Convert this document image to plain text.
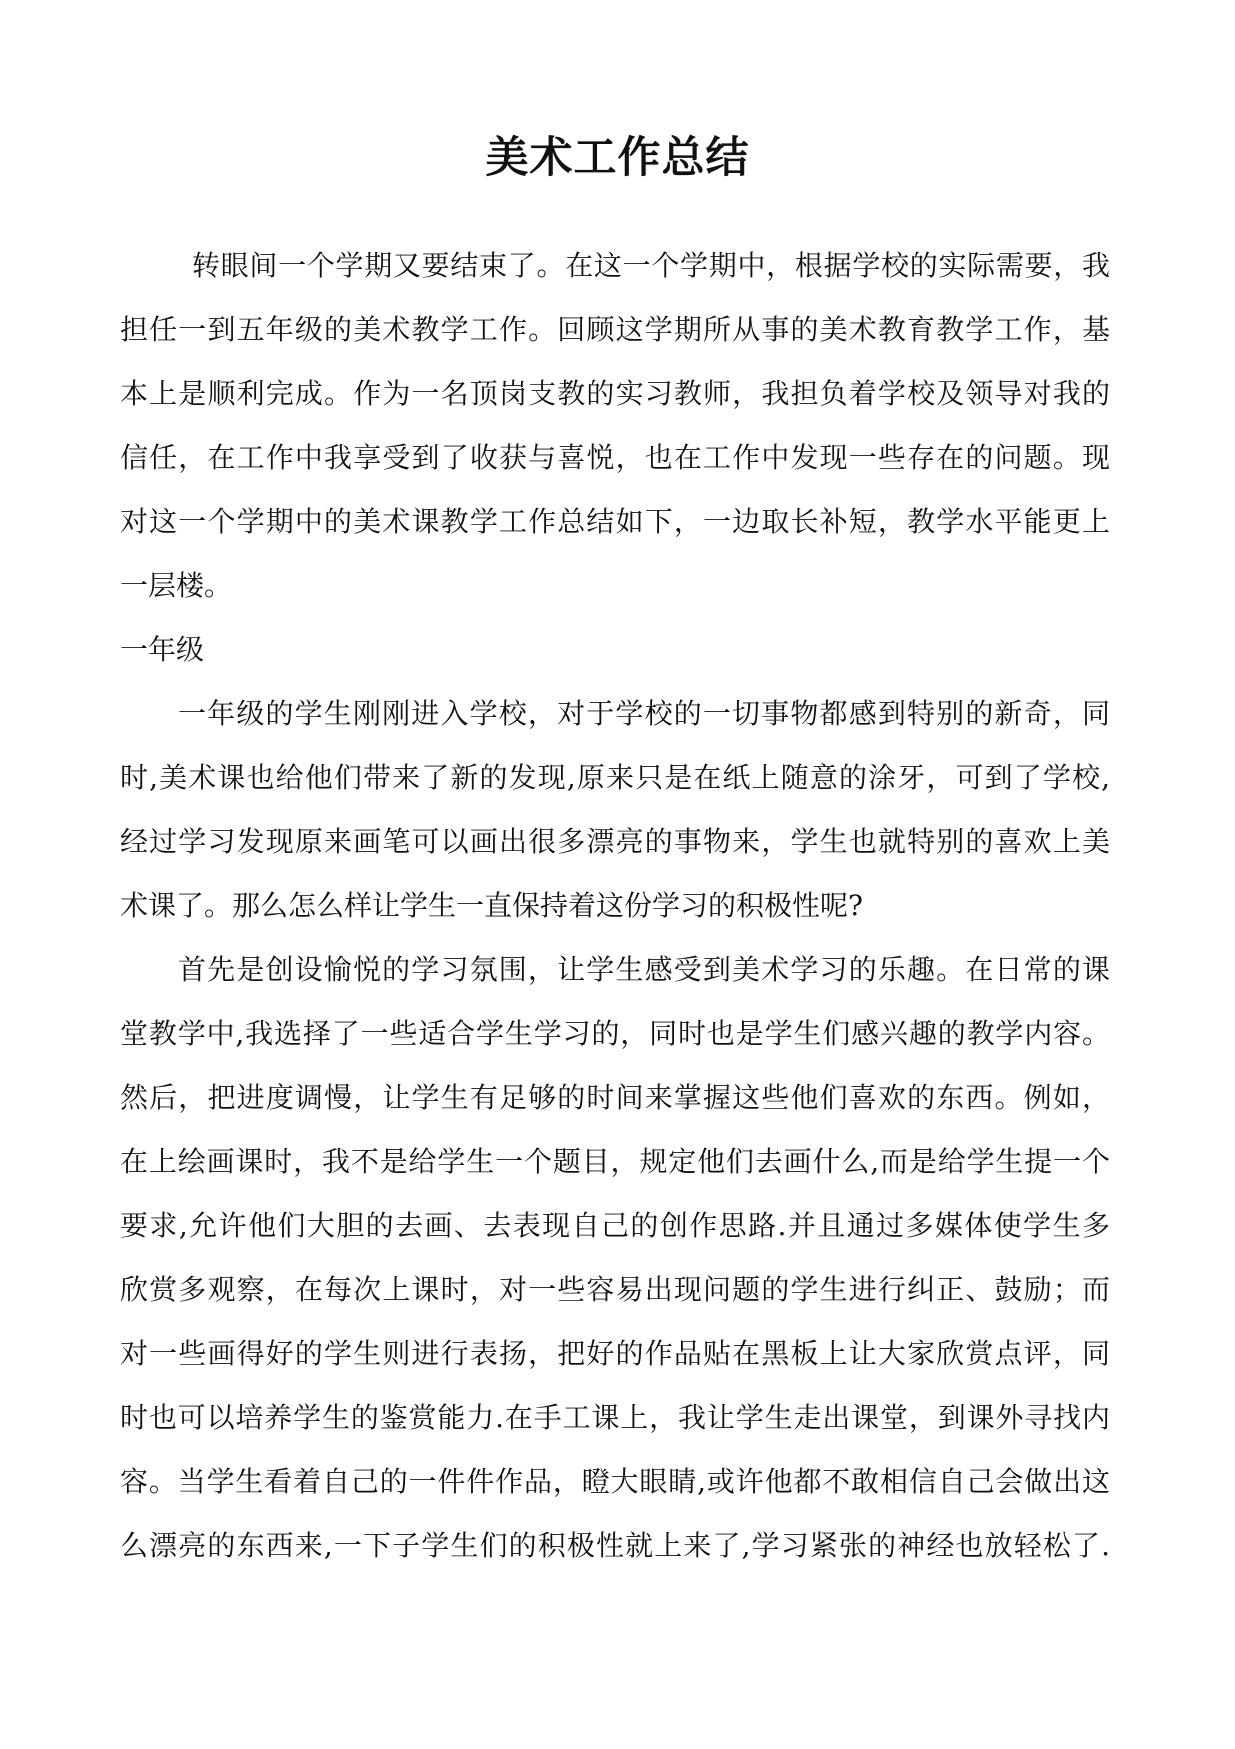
美术工作总结
转眼间一个学期又要结束了。在这一个学期中，根据学校的实际需要，我
担任一到五年级的美术教学工作。回顾这学期所从事的美术教育教学工作，基
本上是顺利完成。作为一名顶岗支教的实习教师，我担负着学校及领导对我的
信任，在工作中我享受到了收获与喜悦，也在工作中发现一些存在的问题。现
对这一个学期中的美术课教学工作总结如下，一边取长补短，教学水平能更上
一层楼。
一年级
一年级的学生刚刚进入学校，对于学校的一切事物都感到特别的新奇，同
时,美术课也给他们带来了新的发现,原来只是在纸上随意的涂牙，可到了学校,
经过学习发现原来画笔可以画出很多漂亮的事物来，学生也就特别的喜欢上美
术课了。那么怎么样让学生一直保持着这份学习的积极性呢?
首先是创设愉悦的学习氛围，让学生感受到美术学习的乐趣。在日常的课
堂教学中,我选择了一些适合学生学习的，同时也是学生们感兴趣的教学内容。
然后，把进度调慢，让学生有足够的时间来掌握这些他们喜欢的东西。例如，
在上绘画课时，我不是给学生一个题目，规定他们去画什么,而是给学生提一个
要求,允许他们大胆的去画、去表现自己的创作思路.并且通过多媒体使学生多
欣赏多观察，在每次上课时，对一些容易出现问题的学生进行纠正、鼓励；而
对一些画得好的学生则进行表扬，把好的作品贴在黑板上让大家欣赏点评，同
时也可以培养学生的鉴赏能力.在手工课上，我让学生走出课堂，到课外寻找内
容。当学生看着自己的一件件作品，瞪大眼睛,或许他都不敢相信自己会做出这
么漂亮的东西来,一下子学生们的积极性就上来了,学习紧张的神经也放轻松了.
